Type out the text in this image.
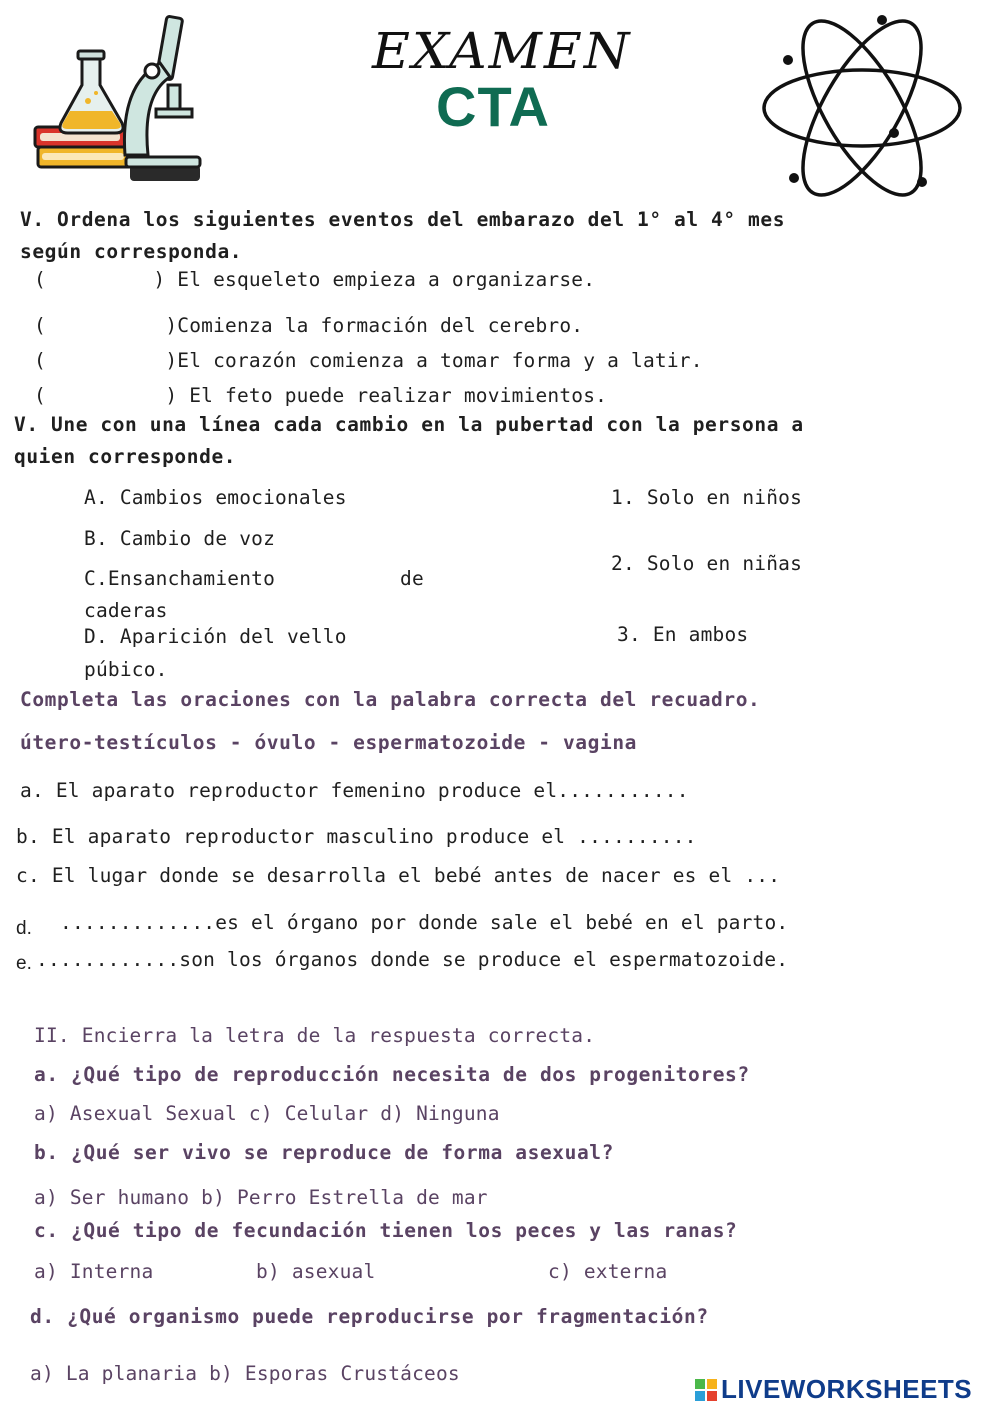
EXAMEN
CTA
V. Ordena los siguientes eventos del embarazo del 1° al 4° mes
según corresponda.
(         ) El esqueleto empieza a organizarse.
(          )Comienza la formación del cerebro.
(          )El corazón comienza a tomar forma y a latir.
(          ) El feto puede realizar movimientos.
V. Une con una línea cada cambio en la pubertad con la persona a
quien corresponde.
A. Cambios emocionales
B. Cambio de voz
C.Ensanchamiento	de
caderas
D. Aparición del vello
púbico.
1. Solo en niños
2. Solo en niñas
3. En ambos
Completa las oraciones con la palabra correcta del recuadro.
útero-testículos - óvulo - espermatozoide - vagina
a. El aparato reproductor femenino produce el...........
b. El aparato reproductor masculino produce el ..........
c. El lugar donde se desarrolla el bebé antes de nacer es el ...
d. .............es el órgano por donde sale el bebé en el parto.
e. ............son los órganos donde se produce el espermatozoide.
II. Encierra la letra de la respuesta correcta.
a. ¿Qué tipo de reproducción necesita de dos progenitores?
a) Asexual Sexual c) Celular d) Ninguna
b. ¿Qué ser vivo se reproduce de forma asexual?
a) Ser humano b) Perro Estrella de mar
c. ¿Qué tipo de fecundación tienen los peces y las ranas?
a) Interna	b) asexual	c) externa
d. ¿Qué organismo puede reproducirse por fragmentación?
a) La planaria b) Esporas Crustáceos
LIVEWORKSHEETS
